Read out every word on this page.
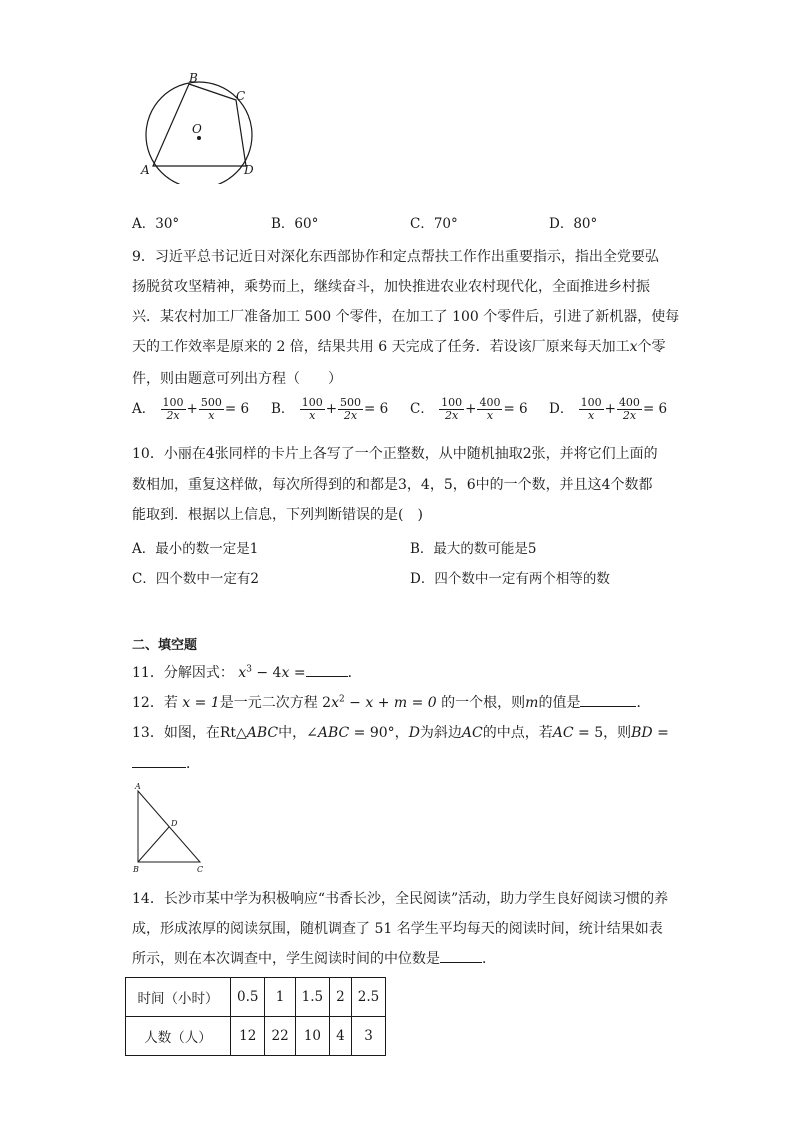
B
C
O
A	D
A．30°	B．60°	C．70°	D．80°
9．习近平总书记近日对深化东西部协作和定点帮扶工作作出重要指示，指出全党要弘
扬脱贫攻坚精神，乘势而上，继续奋斗，加快推进农业农村现代化，全面推进乡村振
兴．某农村加工厂准备加工 500 个零件，在加工了 100 个零件后，引进了新机器，使每
天的工作效率是原来的 2 倍，结果共用 6 天完成了任务．若设该厂原来每天加工x个零
件，则由题意可列出方程（　　）
A． $\frac{100}{2x} + \frac{500}{x} = 6$ B． $\frac{100}{x} + \frac{500}{2x} = 6$ C． $\frac{100}{2x} + \frac{400}{x} = 6$ D． $\frac{100}{x} + \frac{400}{2x} = 6$
10．小丽在4张同样的卡片上各写了一个正整数，从中随机抽取2张，并将它们上面的
数相加，重复这样做，每次所得到的和都是3，4，5，6中的一个数，并且这4个数都
能取到．根据以上信息，下列判断错误的是(　)
A．最小的数一定是1	B．最大的数可能是5
C．四个数中一定有2	D．四个数中一定有两个相等的数
二、填空题
11．分解因式： $x^3 - 4x$ =	．
12．若 x = 1是一元二次方程 $2x^2 - x + m = 0$ 的一个根，则m的值是	．
13．如图，在Rt△ABC中，∠ABC = 90°，D为斜边AC的中点，若AC = 5，则BD =
．
A
D
B	C
14．长沙市某中学为积极响应“书香长沙，全民阅读”活动，助力学生良好阅读习惯的养
成，形成浓厚的阅读氛围，随机调查了 51 名学生平均每天的阅读时间，统计结果如表
所示，则在本次调查中，学生阅读时间的中位数是	．
时间（小时）	0.5	1	1.5	2	2.5
人数（人）	12	22	10	4	3
